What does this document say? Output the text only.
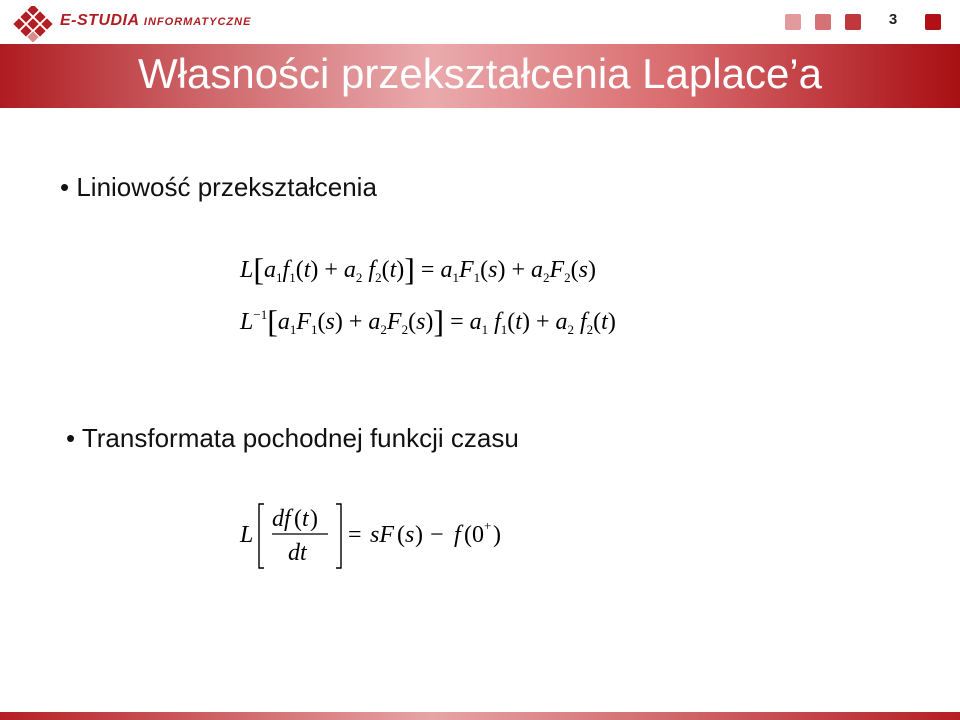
E-STUDIA INFORMATYCZNE	3
Własności przekształcenia Laplace’a
• Liniowość przekształcenia
$L[a_1f_1(t) + a_2$ $f_2(t)] = a_1F_1(s) + a_2F_2(s)$
$L^{-1}[a_1F_1(s) + a_2F_2(s)] = a_1$ $f_1(t) + a_2$ $f_2(t)$
• Transformata pochodnej funkcji czasu
L
df ( t )
dt
= sF ( s ) − f (0 + )
